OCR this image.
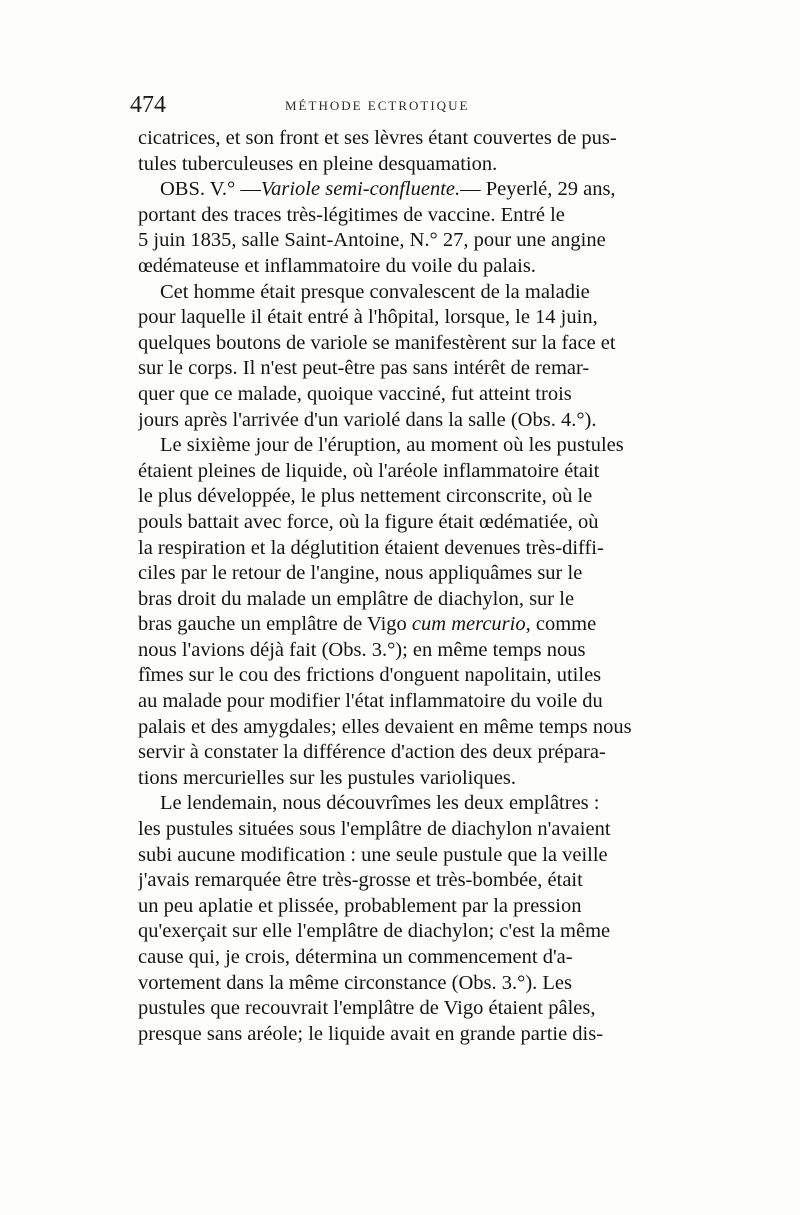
474	MÉTHODE ECTROTIQUE
cicatrices, et son front et ses lèvres étant couvertes de pus-
tules tuberculeuses en pleine desquamation.
OBS. V.° —Variole semi-confluente.— Peyerlé, 29 ans,
portant des traces très-légitimes de vaccine. Entré le
5 juin 1835, salle Saint-Antoine, N.° 27, pour une angine
œdémateuse et inflammatoire du voile du palais.
Cet homme était presque convalescent de la maladie
pour laquelle il était entré à l'hôpital, lorsque, le 14 juin,
quelques boutons de variole se manifestèrent sur la face et
sur le corps. Il n'est peut-être pas sans intérêt de remar-
quer que ce malade, quoique vacciné, fut atteint trois
jours après l'arrivée d'un variolé dans la salle (Obs. 4.°).
Le sixième jour de l'éruption, au moment où les pustules
étaient pleines de liquide, où l'aréole inflammatoire était
le plus développée, le plus nettement circonscrite, où le
pouls battait avec force, où la figure était œdématiée, où
la respiration et la déglutition étaient devenues très-diffi-
ciles par le retour de l'angine, nous appliquâmes sur le
bras droit du malade un emplâtre de diachylon, sur le
bras gauche un emplâtre de Vigo cum mercurio, comme
nous l'avions déjà fait (Obs. 3.°); en même temps nous
fîmes sur le cou des frictions d'onguent napolitain, utiles
au malade pour modifier l'état inflammatoire du voile du
palais et des amygdales; elles devaient en même temps nous
servir à constater la différence d'action des deux prépara-
tions mercurielles sur les pustules varioliques.
Le lendemain, nous découvrîmes les deux emplâtres :
les pustules situées sous l'emplâtre de diachylon n'avaient
subi aucune modification : une seule pustule que la veille
j'avais remarquée être très-grosse et très-bombée, était
un peu aplatie et plissée, probablement par la pression
qu'exerçait sur elle l'emplâtre de diachylon; c'est la même
cause qui, je crois, détermina un commencement d'a-
vortement dans la même circonstance (Obs. 3.°). Les
pustules que recouvrait l'emplâtre de Vigo étaient pâles,
presque sans aréole; le liquide avait en grande partie dis-
